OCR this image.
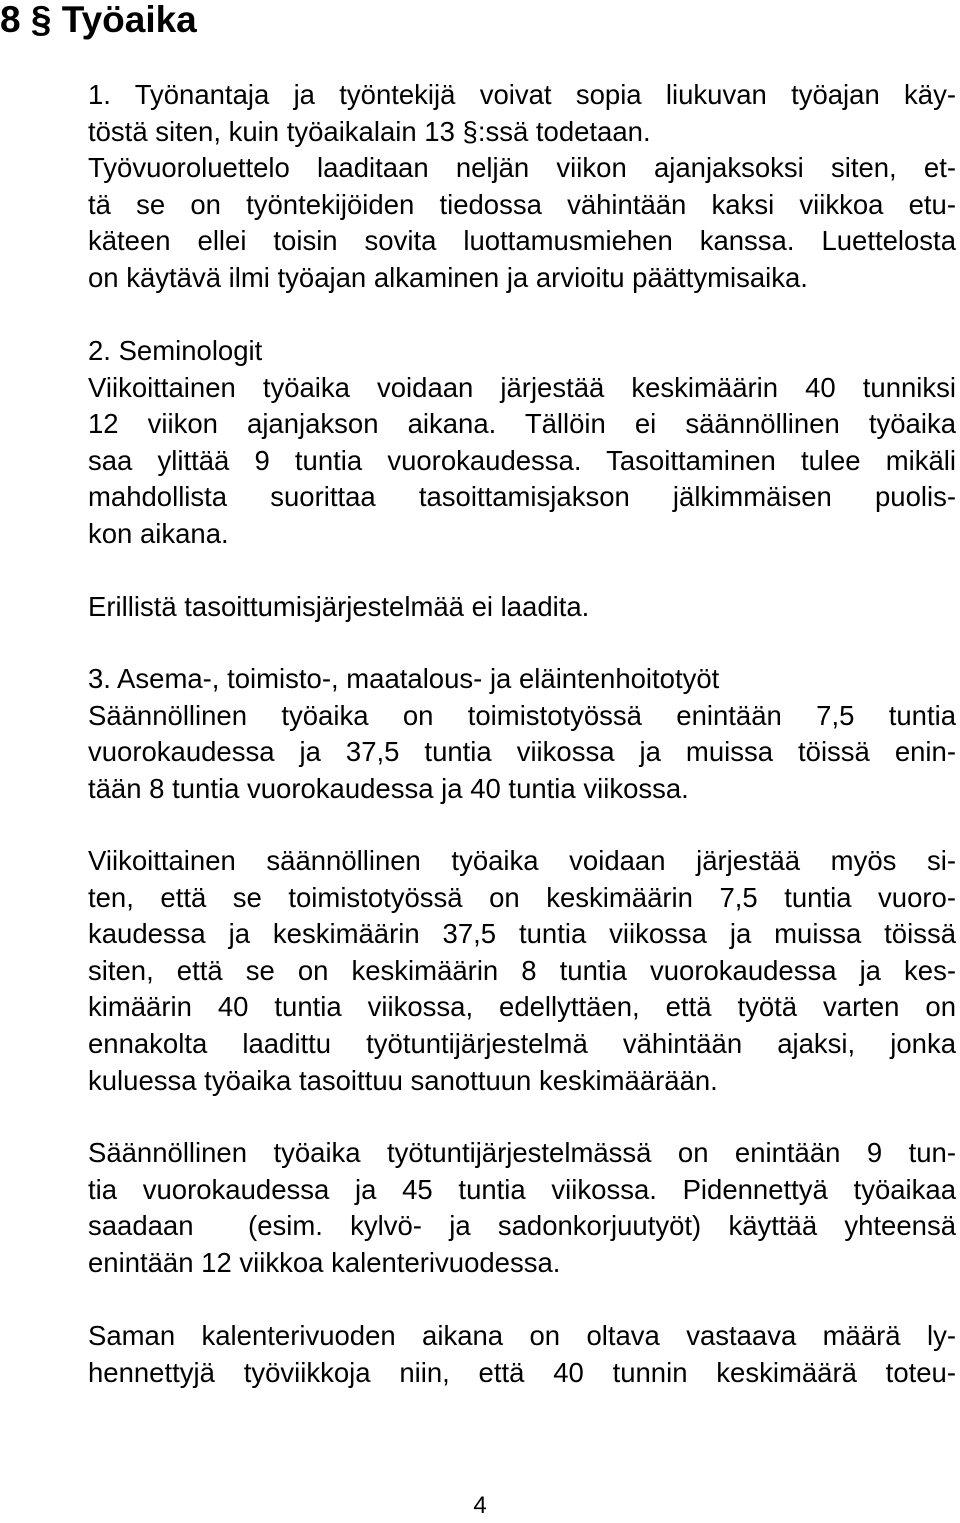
8 § Työaika
1. Työnantaja ja työntekijä voivat sopia liukuvan työajan käy-
töstä siten, kuin työaikalain 13 §:ssä todetaan.
Työvuoroluettelo laaditaan neljän viikon ajanjaksoksi siten, et-
tä se on työntekijöiden tiedossa vähintään kaksi viikkoa etu-
käteen ellei toisin sovita luottamusmiehen kanssa. Luettelosta
on käytävä ilmi työajan alkaminen ja arvioitu päättymisaika.
2. Seminologit
Viikoittainen työaika voidaan järjestää keskimäärin 40 tunniksi
12 viikon ajanjakson aikana. Tällöin ei säännöllinen työaika
saa ylittää 9 tuntia vuorokaudessa. Tasoittaminen tulee mikäli
mahdollista suorittaa tasoittamisjakson jälkimmäisen puolis-
kon aikana.
Erillistä tasoittumisjärjestelmää ei laadita.
3. Asema-, toimisto-, maatalous- ja eläintenhoitotyöt
Säännöllinen työaika on toimistotyössä enintään 7,5 tuntia
vuorokaudessa ja 37,5 tuntia viikossa ja muissa töissä enin-
tään 8 tuntia vuorokaudessa ja 40 tuntia viikossa.
Viikoittainen säännöllinen työaika voidaan järjestää myös si-
ten, että se toimistotyössä on keskimäärin 7,5 tuntia vuoro-
kaudessa ja keskimäärin 37,5 tuntia viikossa ja muissa töissä
siten, että se on keskimäärin 8 tuntia vuorokaudessa ja kes-
kimäärin 40 tuntia viikossa, edellyttäen, että työtä varten on
ennakolta laadittu työtuntijärjestelmä vähintään ajaksi, jonka
kuluessa työaika tasoittuu sanottuun keskimäärään.
Säännöllinen työaika työtuntijärjestelmässä on enintään 9 tun-
tia vuorokaudessa ja 45 tuntia viikossa. Pidennettyä työaikaa
saadaan  (esim. kylvö- ja sadonkorjuutyöt) käyttää yhteensä
enintään 12 viikkoa kalenterivuodessa.
Saman kalenterivuoden aikana on oltava vastaava määrä ly-
hennettyjä työviikkoja niin, että 40 tunnin keskimäärä toteu-
4
